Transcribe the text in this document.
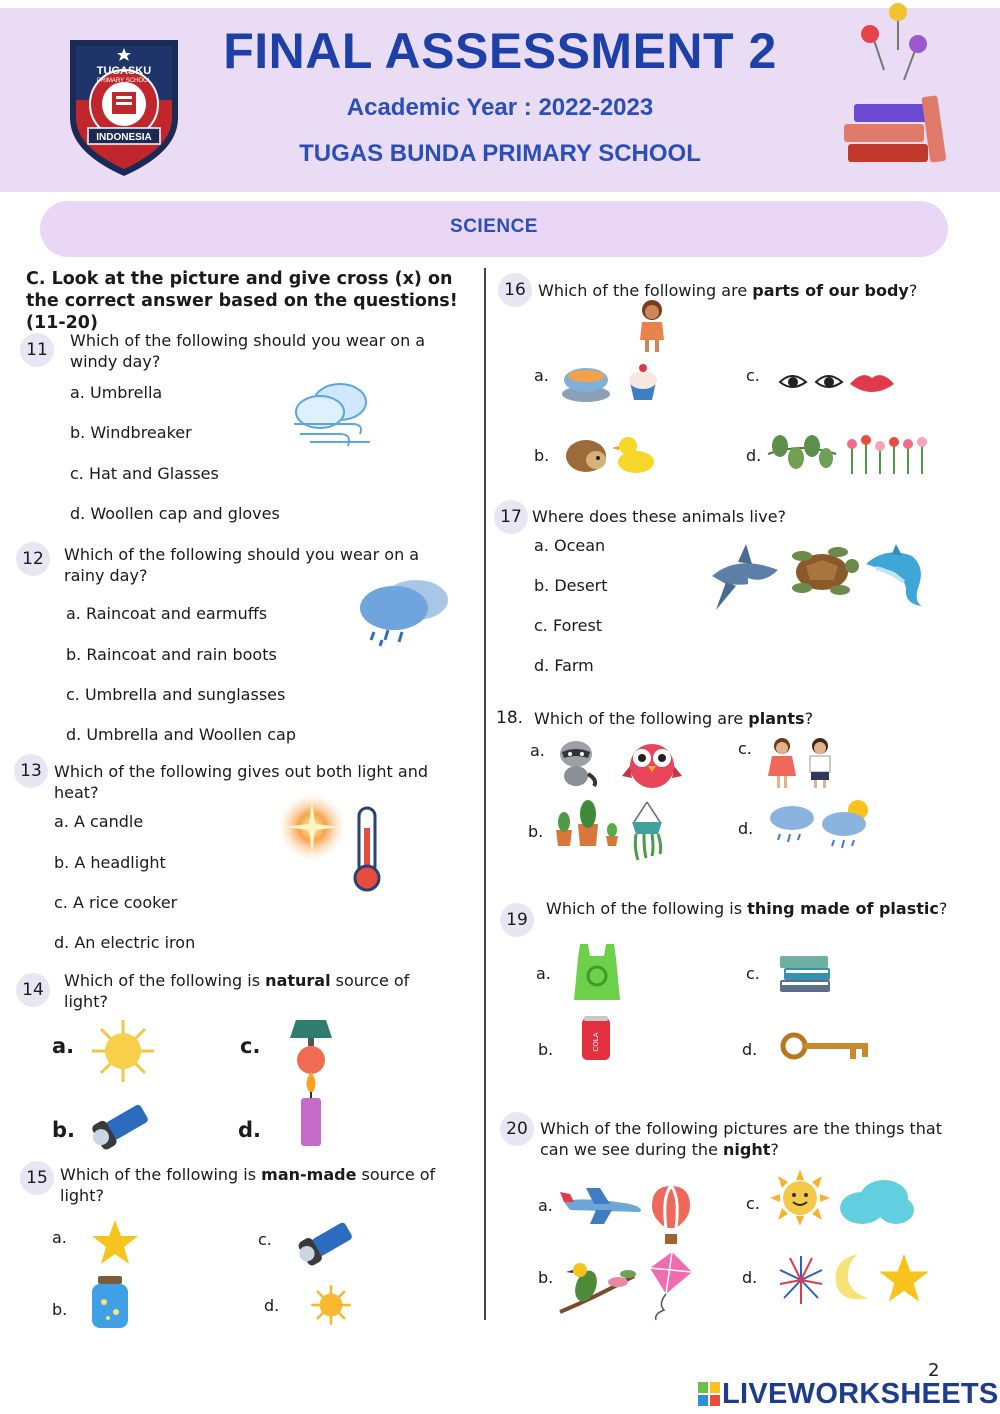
TUGASKU
PRIMARY SCHOOL
INDONESIA
FINAL ASSESSMENT 2
Academic Year : 2022-2023
TUGAS BUNDA PRIMARY SCHOOL
SCIENCE
C. Look at the picture and give cross (x) on the correct answer based on the questions! (11-20)
11	Which of the following should you wear on a windy day?
a. Umbrella
b. Windbreaker
c. Hat and Glasses
d. Woollen cap and gloves
12	Which of the following should you wear on a rainy day?
a. Raincoat and earmuffs
b. Raincoat and rain boots
c. Umbrella and sunglasses
d. Umbrella and Woollen cap
13 Which of the following gives out both light and heat?
a. A candle
b. A headlight
c. A rice cooker
d. An electric iron
14	Which of the following is natural source of light?
a.
b.
c.
d.
15 Which of the following is man-made source of light?
a.
b.
c.
d.
16 Which of the following are parts of our body?
a.
b.
c.
d.
17 Where does these animals live?
a. Ocean
b. Desert
c. Forest
d. Farm
18. Which of the following are plants?
a.
b.
c.
d.
19
Which of the following is thing made of plastic?
a.
b.
c.
d.
COLA
20 Which of the following pictures are the things that can we see during the night?
a.
b.
c.
d.
2
LIVEWORKSHEETS
